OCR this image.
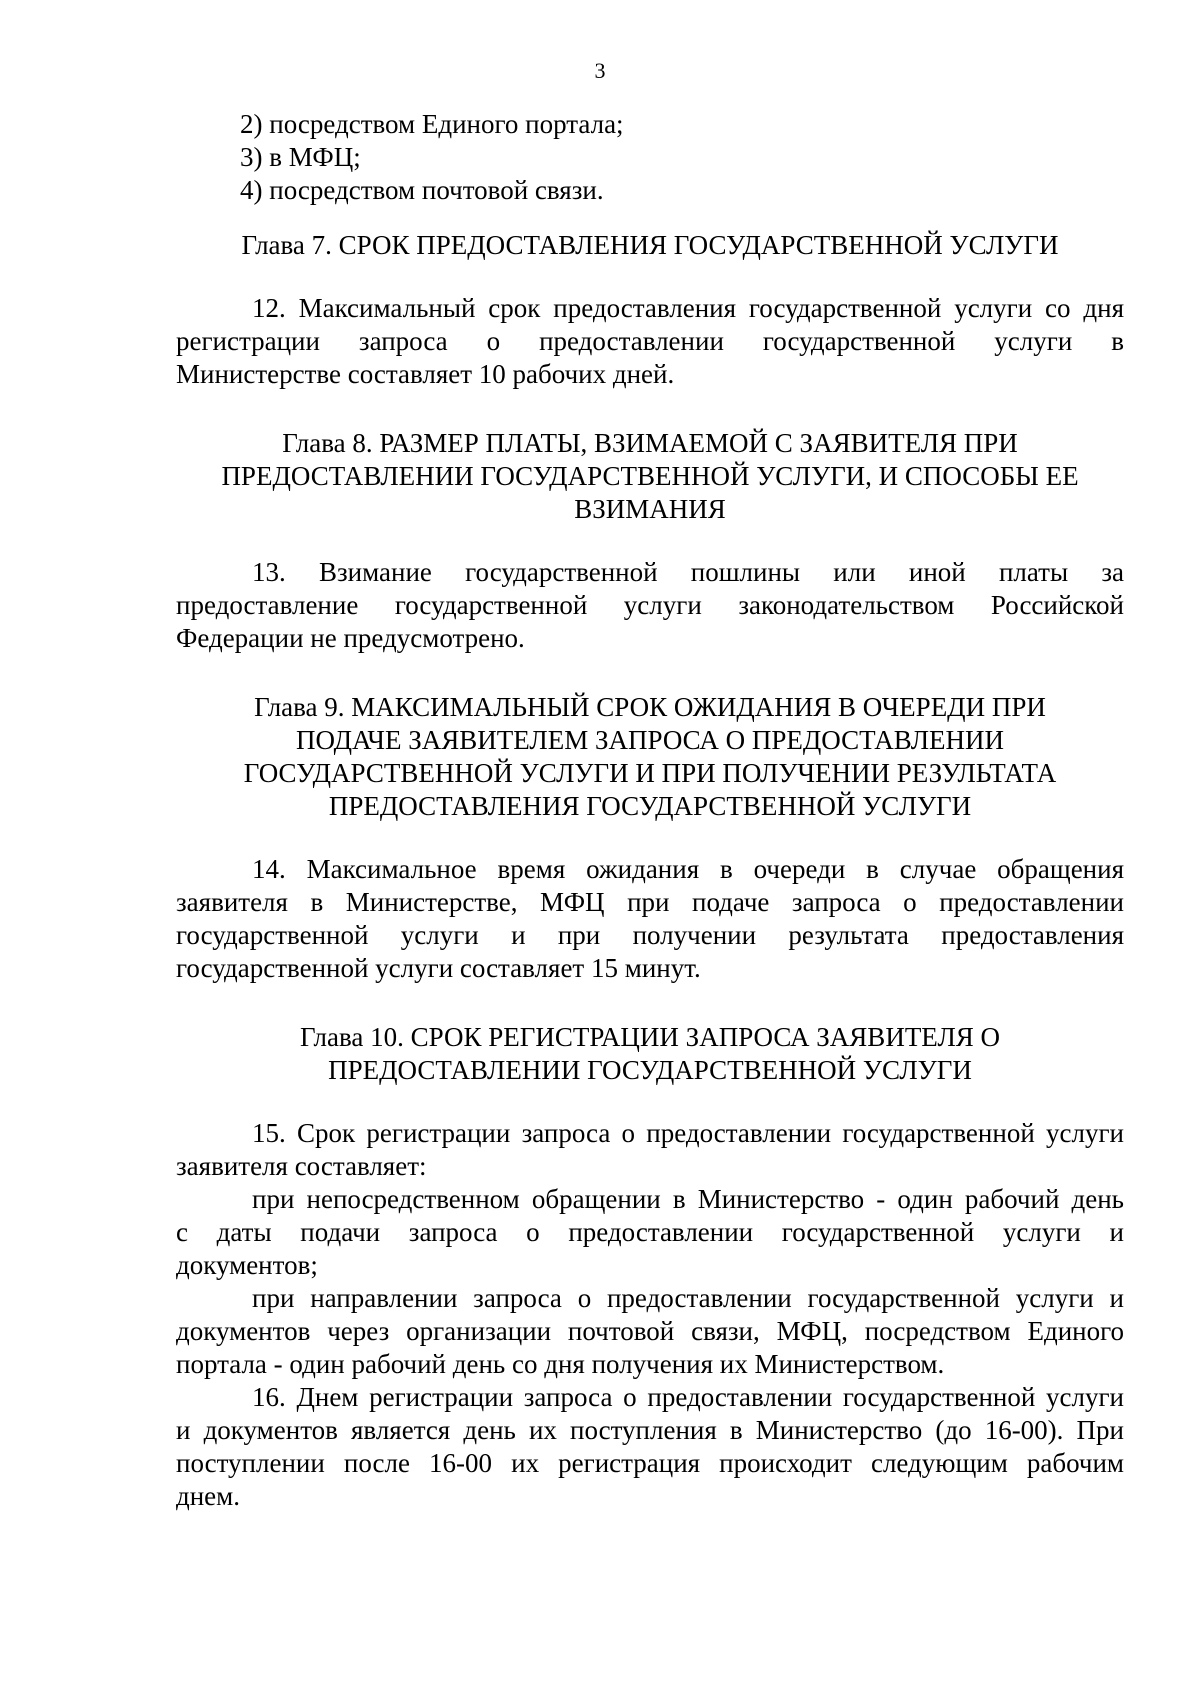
3
2) посредством Единого портала;
3) в МФЦ;
4) посредством почтовой связи.
Глава 7. СРОК ПРЕДОСТАВЛЕНИЯ ГОСУДАРСТВЕННОЙ УСЛУГИ
12. Максимальный срок предоставления государственной услуги со дня
регистрации запроса о предоставлении государственной услуги в
Министерстве составляет 10 рабочих дней.
Глава 8. РАЗМЕР ПЛАТЫ, ВЗИМАЕМОЙ С ЗАЯВИТЕЛЯ ПРИ
ПРЕДОСТАВЛЕНИИ ГОСУДАРСТВЕННОЙ УСЛУГИ, И СПОСОБЫ ЕЕ
ВЗИМАНИЯ
13. Взимание государственной пошлины или иной платы за
предоставление государственной услуги законодательством Российской
Федерации не предусмотрено.
Глава 9. МАКСИМАЛЬНЫЙ СРОК ОЖИДАНИЯ В ОЧЕРЕДИ ПРИ
ПОДАЧЕ ЗАЯВИТЕЛЕМ ЗАПРОСА О ПРЕДОСТАВЛЕНИИ
ГОСУДАРСТВЕННОЙ УСЛУГИ И ПРИ ПОЛУЧЕНИИ РЕЗУЛЬТАТА
ПРЕДОСТАВЛЕНИЯ ГОСУДАРСТВЕННОЙ УСЛУГИ
14. Максимальное время ожидания в очереди в случае обращения
заявителя в Министерстве, МФЦ при подаче запроса о предоставлении
государственной услуги и при получении результата предоставления
государственной услуги составляет 15 минут.
Глава 10. СРОК РЕГИСТРАЦИИ ЗАПРОСА ЗАЯВИТЕЛЯ О
ПРЕДОСТАВЛЕНИИ ГОСУДАРСТВЕННОЙ УСЛУГИ
15. Срок регистрации запроса о предоставлении государственной услуги
заявителя составляет:
при непосредственном обращении в Министерство - один рабочий день
с даты подачи запроса о предоставлении государственной услуги и
документов;
при направлении запроса о предоставлении государственной услуги и
документов через организации почтовой связи, МФЦ, посредством Единого
портала - один рабочий день со дня получения их Министерством.
16. Днем регистрации запроса о предоставлении государственной услуги
и документов является день их поступления в Министерство (до 16-00). При
поступлении после 16-00 их регистрация происходит следующим рабочим
днем.
